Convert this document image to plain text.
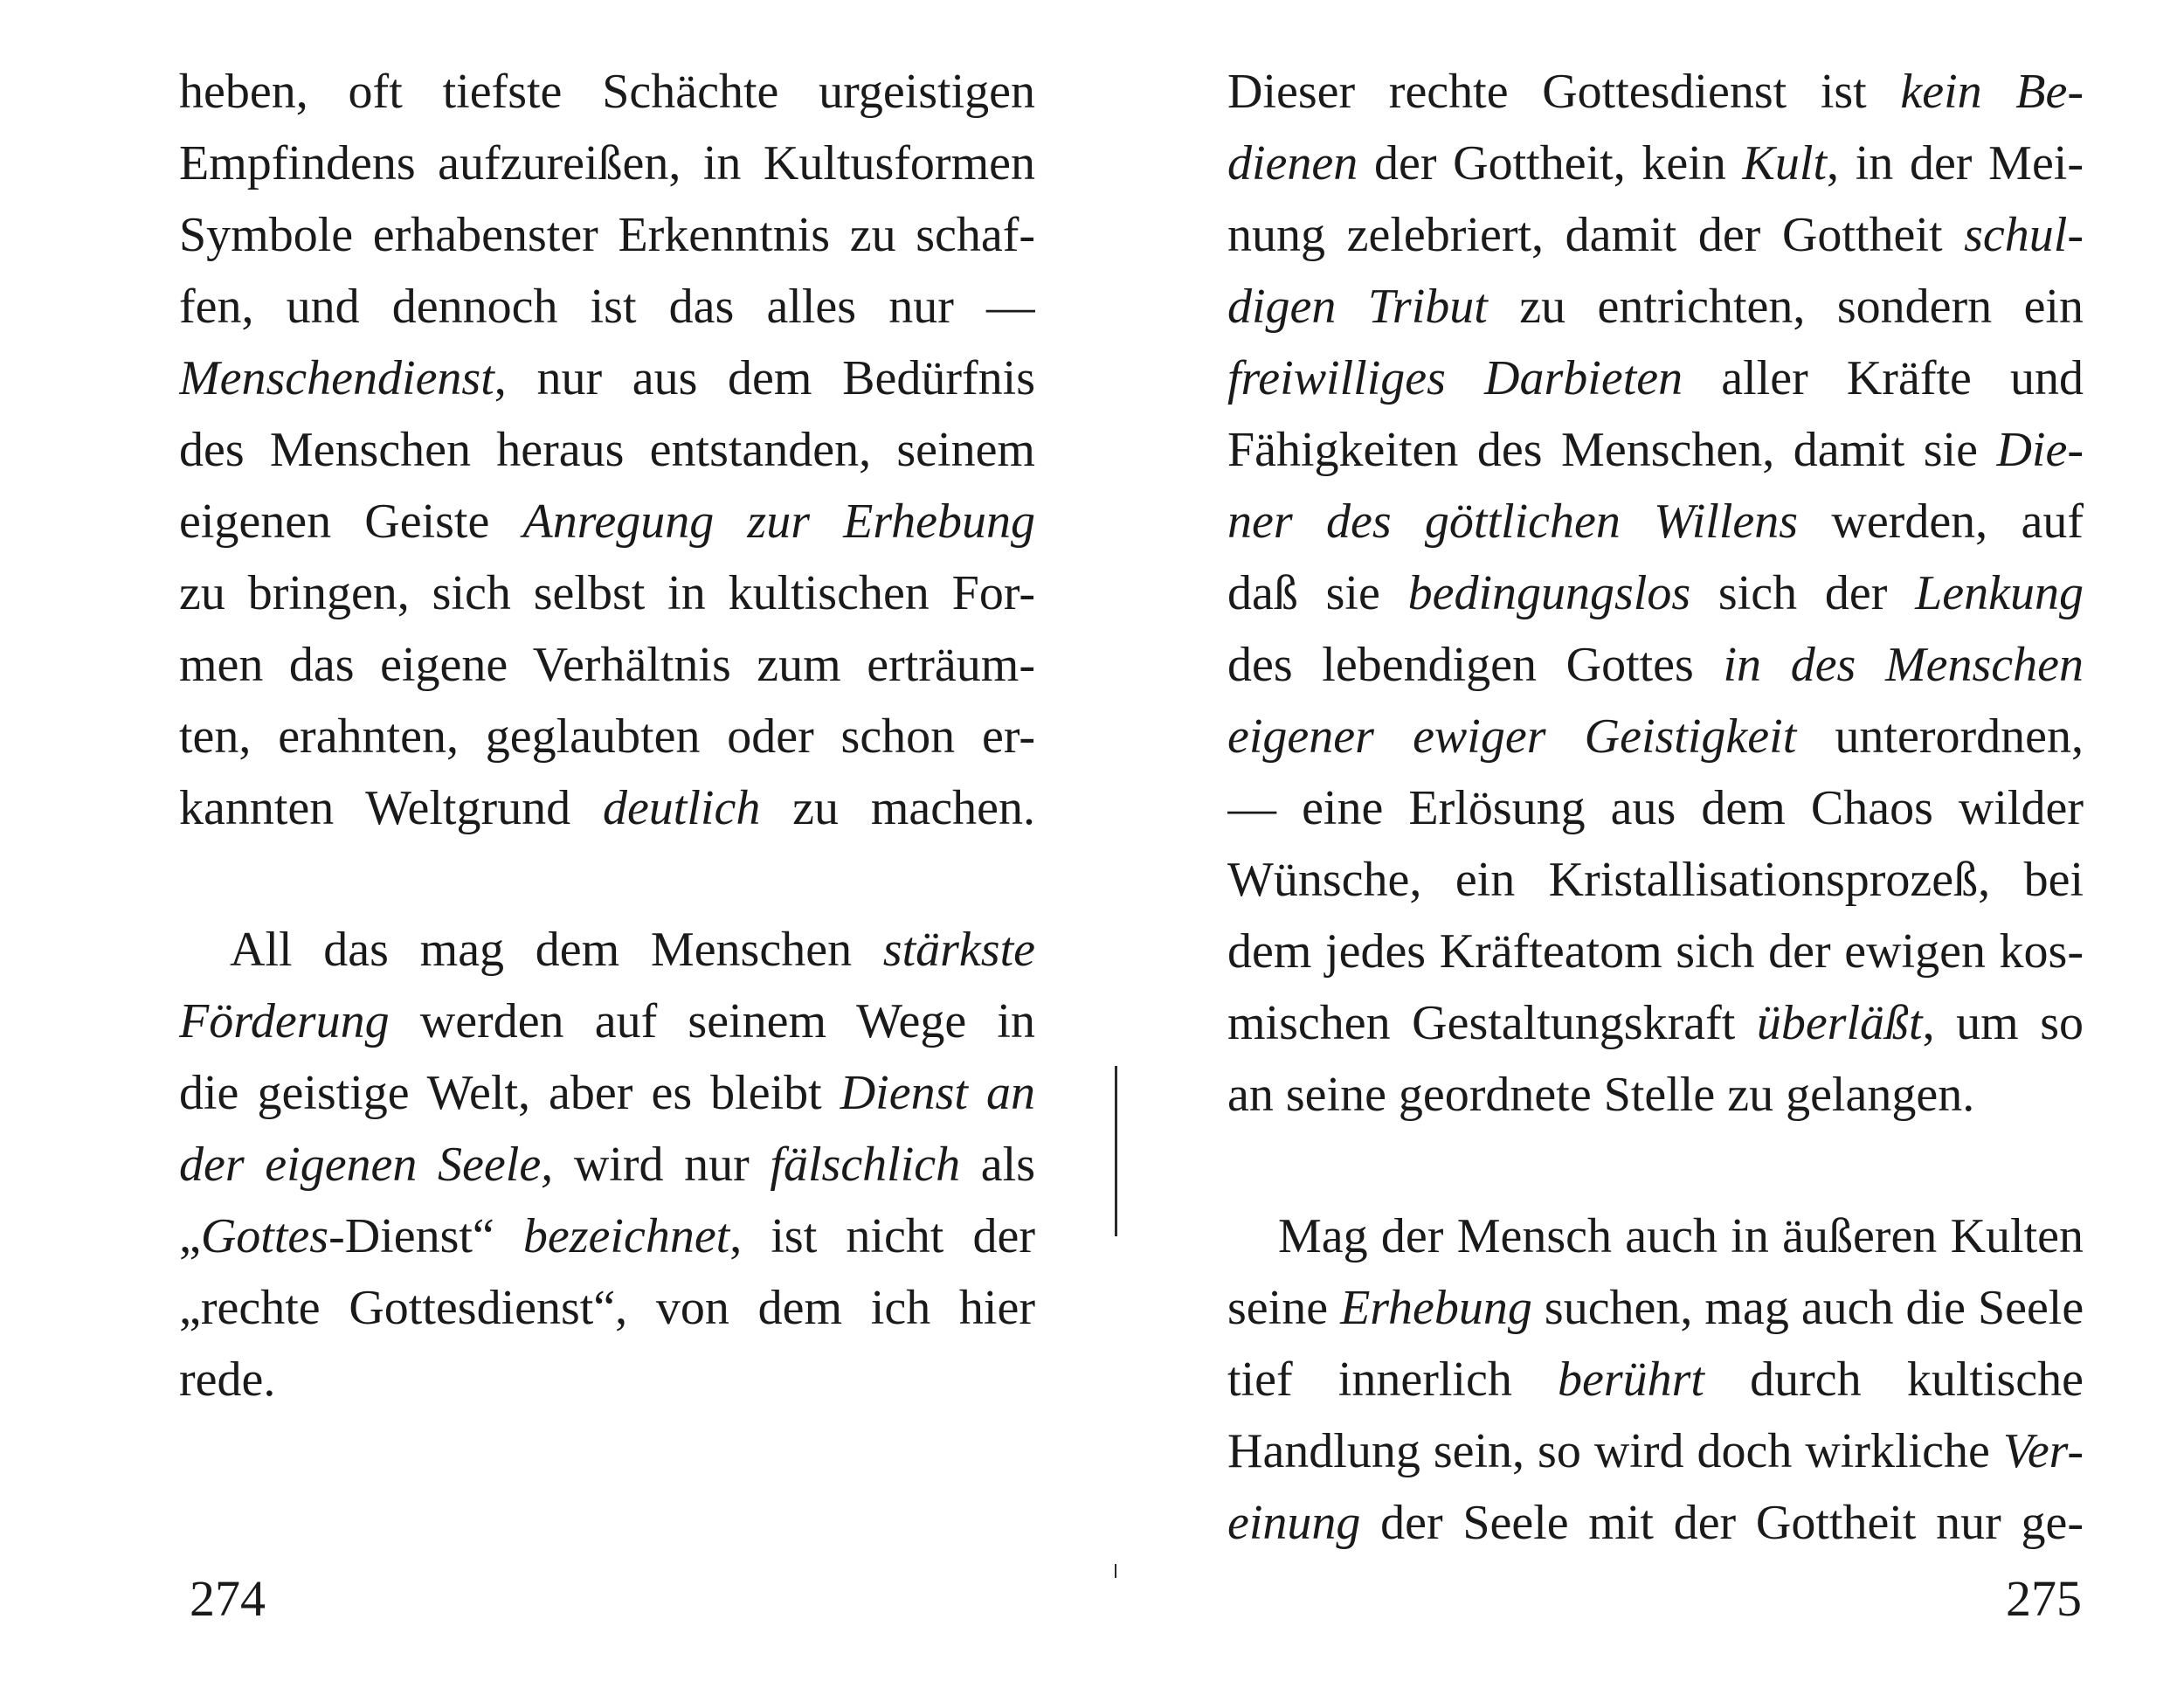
heben, oft tiefste Schächte urgeistigen
Empfindens aufzureißen, in Kultusformen
Symbole erhabenster Erkenntnis zu schaf-
fen, und dennoch ist das alles nur —
Menschendienst, nur aus dem Bedürfnis
des Menschen heraus entstanden, seinem
eigenen Geiste Anregung zur Erhebung
zu bringen, sich selbst in kultischen For-
men das eigene Verhältnis zum erträum-
ten, erahnten, geglaubten oder schon er-
kannten Weltgrund deutlich zu machen.
All das mag dem Menschen stärkste
Förderung werden auf seinem Wege in
die geistige Welt, aber es bleibt Dienst an
der eigenen Seele, wird nur fälschlich als
„Gottes-Dienst“ bezeichnet, ist nicht der
„rechte Gottesdienst“, von dem ich hier
rede.
274
Dieser rechte Gottesdienst ist kein Be-
dienen der Gottheit, kein Kult, in der Mei-
nung zelebriert, damit der Gottheit schul-
digen Tribut zu entrichten, sondern ein
freiwilliges Darbieten aller Kräfte und
Fähigkeiten des Menschen, damit sie Die-
ner des göttlichen Willens werden, auf
daß sie bedingungslos sich der Lenkung
des lebendigen Gottes in des Menschen
eigener ewiger Geistigkeit unterordnen,
— eine Erlösung aus dem Chaos wilder
Wünsche, ein Kristallisationsprozeß, bei
dem jedes Kräfteatom sich der ewigen kos-
mischen Gestaltungskraft überläßt, um so
an seine geordnete Stelle zu gelangen.
Mag der Mensch auch in äußeren Kulten
seine Erhebung suchen, mag auch die Seele
tief innerlich berührt durch kultische
Handlung sein, so wird doch wirkliche Ver-
einung der Seele mit der Gottheit nur ge-
275
